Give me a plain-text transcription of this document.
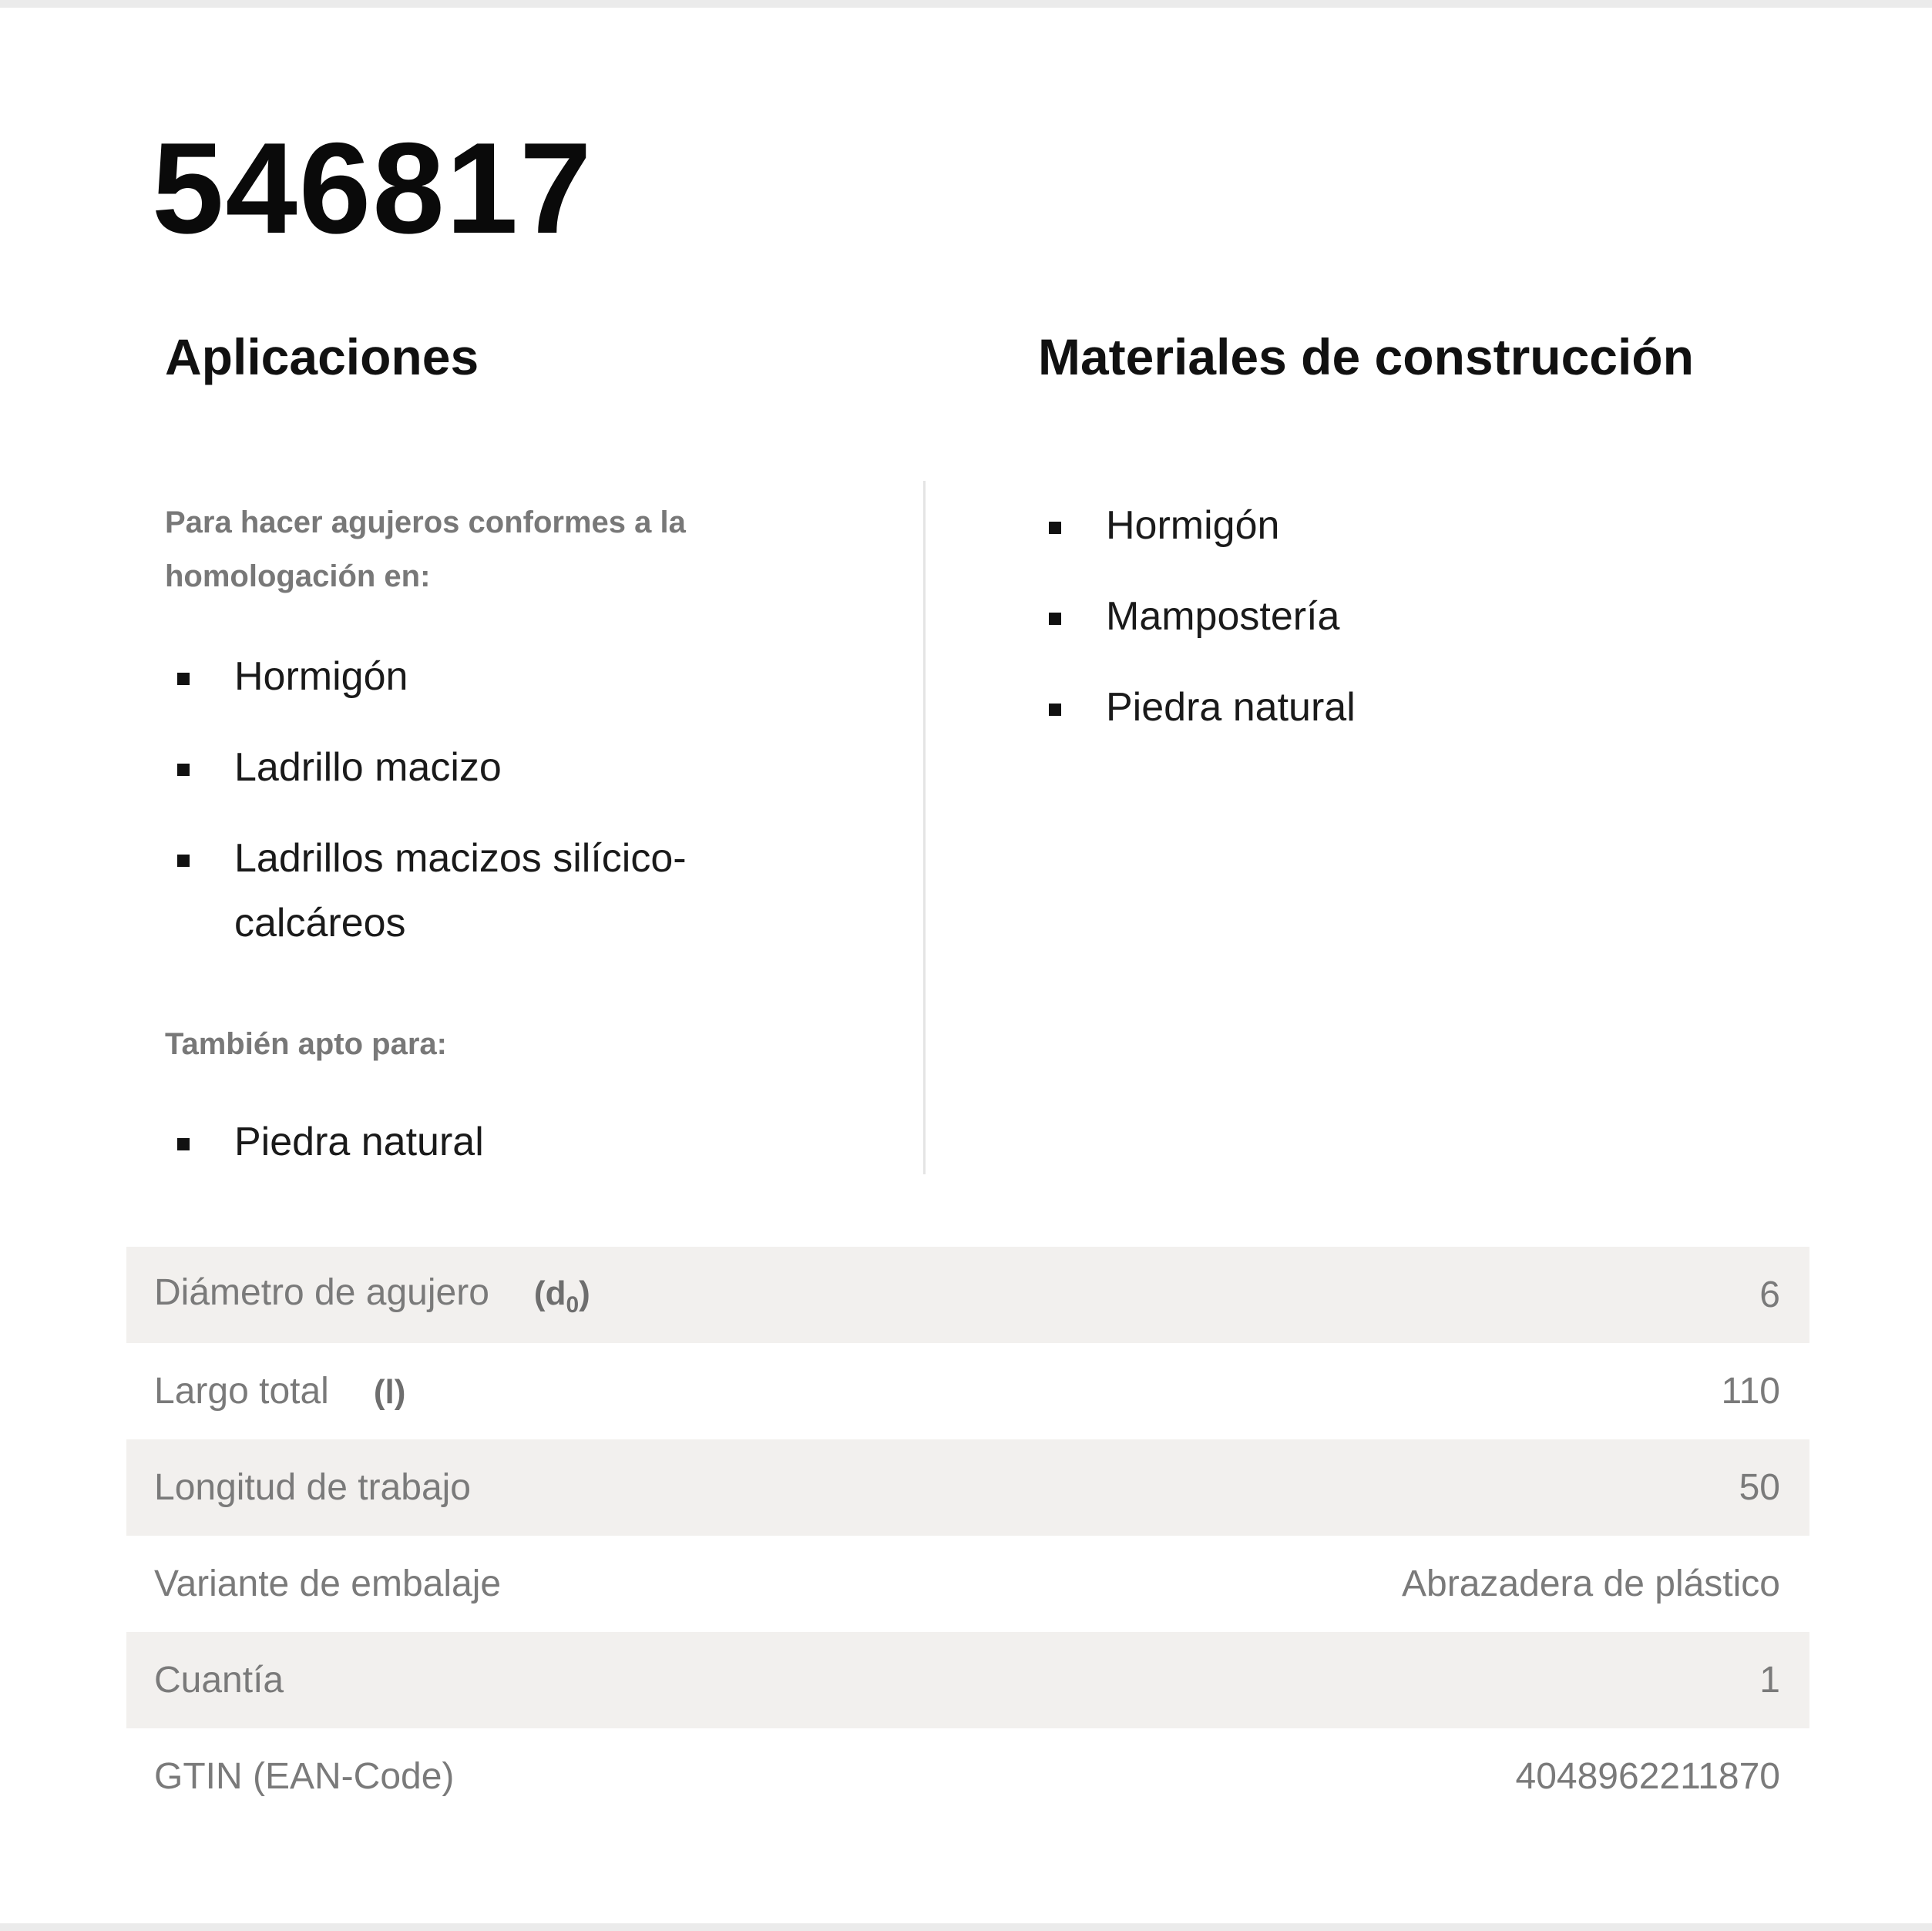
546817
Aplicaciones	Materiales de construcción

Para hacer agujeros conformes a la homologación en:

Hormigón
Ladrillo macizo
Ladrillos macizos silícico-calcáreos

También apto para:

Piedra natural
Hormigón
Mampostería
Piedra natural
Diámetro de agujero $(d_0)$	6
Largo total (l)	110
Longitud de trabajo	50
Variante de embalaje	Abrazadera de plástico
Cuantía	1
GTIN (EAN-Code)	4048962211870
